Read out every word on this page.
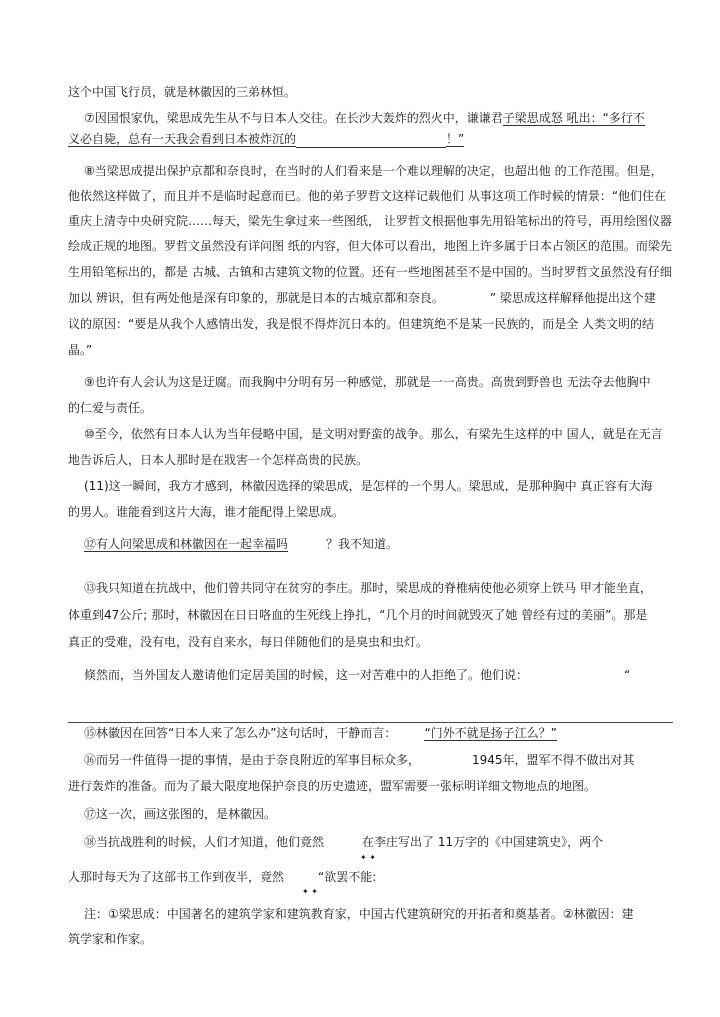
这个中国飞行员，就是林徽因的三弟林恒。
⑦因国恨家仇，梁思成先生从不与日本人交往。在长沙大轰炸的烈火中，谦谦君子梁思成怒 吼出：“多行不
义必自毙，总有一天我会看到日本被炸沉的	！”
⑧当梁思成提出保护京都和奈良时，在当时的人们看来是一个难以理解的决定，也超出他 的工作范围。但是，
他依然这样做了，而且并不是临时起意而已。他的弟子罗哲文这样记载他们 从事这项工作时候的情景：“他们住在
重庆上清寺中央研究院……每天，梁先生拿过来一些图纸， 让罗哲文根据他事先用铅笔标出的符号，再用绘图仪器
绘成正规的地图。罗哲文虽然没有详问图 纸的内容，但大体可以看出，地图上许多属于日本占领区的范围。而梁先
生用铅笔标出的，都是 古城、古镇和古建筑文物的位置。还有一些地图甚至不是中国的。当时罗哲文虽然没有仔细
加以 辨识，但有两处他是深有印象的，那就是日本的古城京都和奈良。	” 梁思成这样解释他提出这个建
议的原因：“要是从我个人感情出发，我是恨不得炸沉日本的。但建筑绝不是某一民族的，而是全 人类文明的结
晶。”
⑨也许有人会认为这是迂腐。而我胸中分明有另一种感觉，那就是一一高贵。高贵到野兽也 无法夺去他胸中
的仁爱与责任。
⑩至今，依然有日本人认为当年侵略中国，是文明对野蛮的战争。那么，有梁先生这样的中 国人，就是在无言
地告诉后人，日本人那时是在戕害一个怎样高贵的民族。
(11)这一瞬间，我方才感到，林徽因选择的梁思成，是怎样的一个男人。梁思成，是那种胸中 真正容有大海
的男人。谁能看到这片大海，谁才能配得上梁思成。
⑫有人问梁思成和林徽因在一起幸福吗	？我不知道。
⑬我只知道在抗战中，他们曾共同守在贫穷的李庄。那时，梁思成的脊椎病使他必须穿上铁马 甲才能坐直，
体重到47公斤; 那时，林徽因在日日咯血的生死线上挣扎，“几个月的时间就毁灭了她 曾经有过的美丽”。那是
真正的受难，没有电，没有自来水，每日伴随他们的是臭虫和虫灯。
倏然而，当外国友人邀请他们定居美国的时候，这一对苦难中的人拒绝了。他们说：	“
⑮林徽因在回答“日本人来了怎么办”这句话时，干静而言： “门外不就是扬子江么？”
⑯而另一件值得一提的事情，是由于奈良附近的军事目标众多，	1945年，盟军不得不做出对其
进行轰炸的准备。而为了最大限度地保护奈良的历史遗迹，盟军需要一张标明详细文物地点的地图。
⑰这一次，画这张图的，是林徽因。
⑱当抗战胜利的时候，人们才知道，他们竟然	在李庄写出了 11万字的《中国建筑史》，两个
✦ ✦
人那时每天为了这部书工作到夜半，竟然	“欲罢不能:
✦ ✦
注：①梁思成：中国著名的建筑学家和建筑教育家，中国古代建筑研究的开拓者和奠基者。②林徽因：建
筑学家和作家。
